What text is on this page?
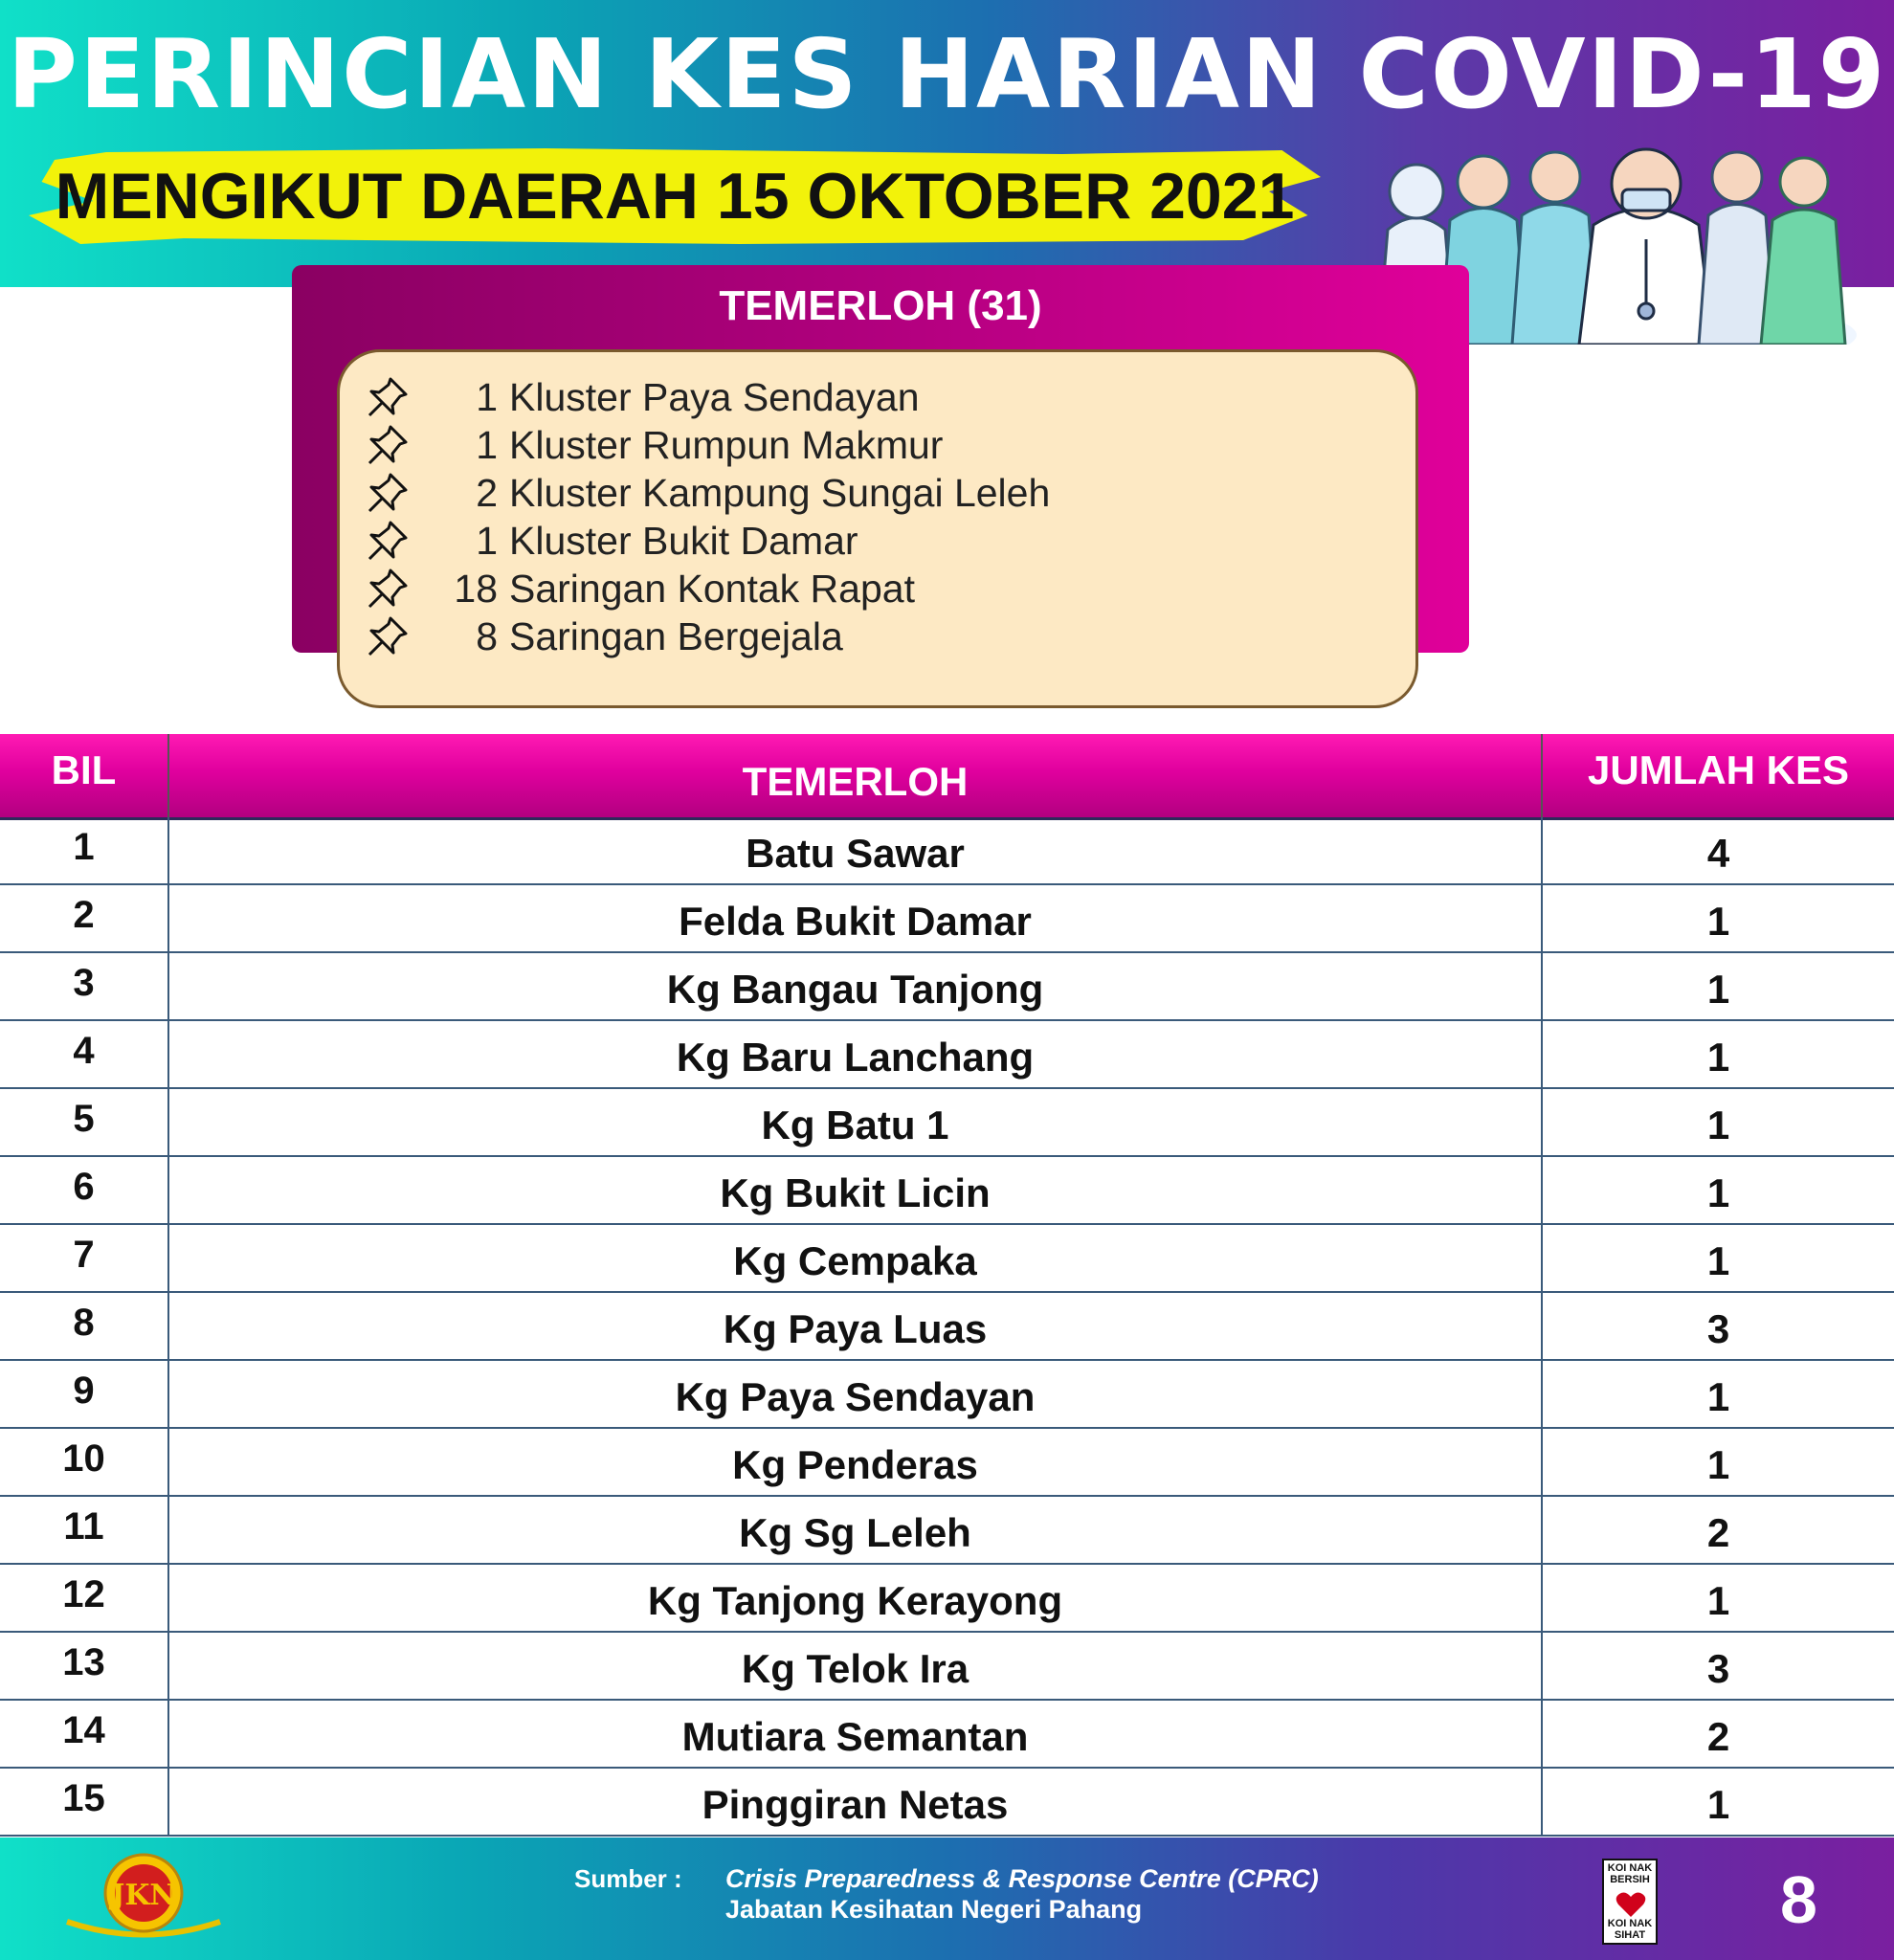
PERINCIAN KES HARIAN COVID-19
MENGIKUT DAERAH 15 OKTOBER 2021
TEMERLOH (31)
1 Kluster Paya Sendayan
1 Kluster Rumpun Makmur
2 Kluster Kampung Sungai Leleh
1 Kluster Bukit Damar
18 Saringan Kontak Rapat
8 Saringan Bergejala
BIL	TEMERLOH	JUMLAH KES
1	Batu Sawar	4
2	Felda Bukit Damar	1
3	Kg Bangau Tanjong	1
4	Kg Baru Lanchang	1
5	Kg Batu 1	1
6	Kg Bukit Licin	1
7	Kg Cempaka	1
8	Kg Paya Luas	3
9	Kg Paya Sendayan	1
10	Kg Penderas	1
11	Kg Sg Leleh	2
12	Kg Tanjong Kerayong	1
13	Kg Telok Ira	3
14	Mutiara Semantan	2
15	Pinggiran Netas	1
JKN	Sumber : Crisis Preparedness & Response Centre (CPRC)
Jabatan Kesihatan Negeri Pahang
KOI NAK BERSIH
KOI NAK SIHAT 8
